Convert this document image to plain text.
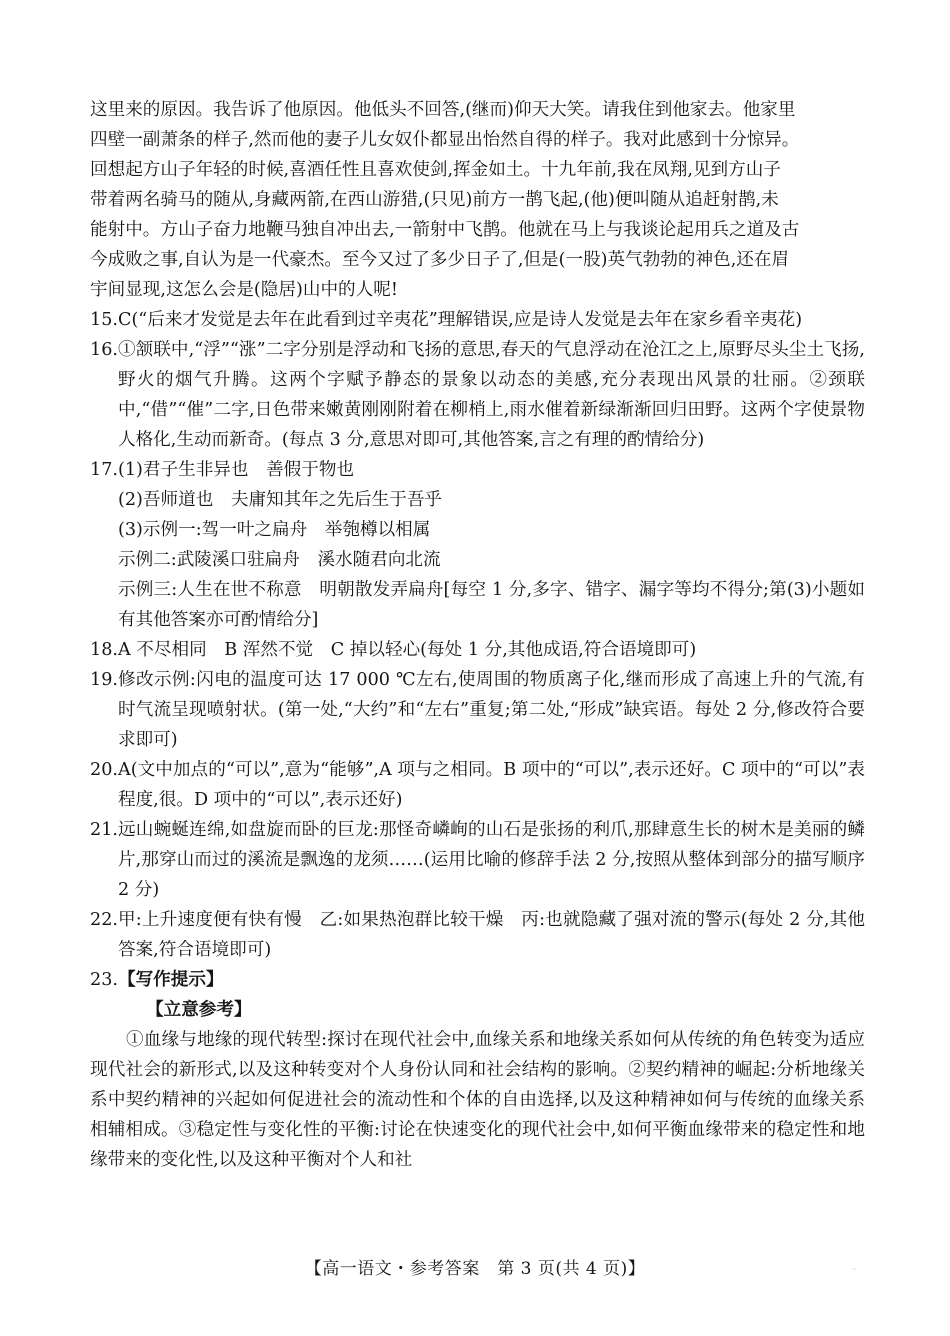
这里来的原因。我告诉了他原因。他低头不回答,(继而)仰天大笑。请我住到他家去。他家里
四壁一副萧条的样子,然而他的妻子儿女奴仆都显出怡然自得的样子。我对此感到十分惊异。
回想起方山子年轻的时候,喜酒任性且喜欢使剑,挥金如土。十九年前,我在凤翔,见到方山子
带着两名骑马的随从,身藏两箭,在西山游猎,(只见)前方一鹊飞起,(他)便叫随从追赶射鹊,未
能射中。方山子奋力地鞭马独自冲出去,一箭射中飞鹊。他就在马上与我谈论起用兵之道及古
今成败之事,自认为是一代豪杰。至今又过了多少日子了,但是(一股)英气勃勃的神色,还在眉
宇间显现,这怎么会是(隐居)山中的人呢!
15. C(“后来才发觉是去年在此看到过辛夷花”理解错误,应是诗人发觉是去年在家乡看辛夷花)
16. ①颔联中,“浮”“涨”二字分别是浮动和飞扬的意思,春天的气息浮动在沧江之上,原野尽头尘土飞扬,野火的烟气升腾。这两个字赋予静态的景象以动态的美感,充分表现出风景的壮丽。②颈联中,“借”“催”二字,日色带来嫩黄刚刚附着在柳梢上,雨水催着新绿渐渐回归田野。这两个字使景物人格化,生动而新奇。(每点 3 分,意思对即可,其他答案,言之有理的酌情给分)
17. (1)君子生非异也　善假于物也
(2)吾师道也　夫庸知其年之先后生于吾乎
(3)示例一:驾一叶之扁舟　举匏樽以相属
示例二:武陵溪口驻扁舟　溪水随君向北流
示例三:人生在世不称意　明朝散发弄扁舟[每空 1 分,多字、错字、漏字等均不得分;第(3)小题如有其他答案亦可酌情给分]
18. A 不尽相同　B 浑然不觉　C 掉以轻心(每处 1 分,其他成语,符合语境即可)
19. 修改示例:闪电的温度可达 17 000 ℃左右,使周围的物质离子化,继而形成了高速上升的气流,有时气流呈现喷射状。(第一处,“大约”和“左右”重复;第二处,“形成”缺宾语。每处 2 分,修改符合要求即可)
20. A(文中加点的“可以”,意为“能够”,A 项与之相同。B 项中的“可以”,表示还好。C 项中的“可以”表程度,很。D 项中的“可以”,表示还好)
21. 远山蜿蜒连绵,如盘旋而卧的巨龙:那怪奇嶙峋的山石是张扬的利爪,那肆意生长的树木是美丽的鳞片,那穿山而过的溪流是飘逸的龙须……(运用比喻的修辞手法 2 分,按照从整体到部分的描写顺序 2 分)
22. 甲:上升速度便有快有慢　乙:如果热泡群比较干燥　丙:也就隐藏了强对流的警示(每处 2 分,其他答案,符合语境即可)
23. 【写作提示】
【立意参考】
①血缘与地缘的现代转型:探讨在现代社会中,血缘关系和地缘关系如何从传统的角色转变为适应现代社会的新形式,以及这种转变对个人身份认同和社会结构的影响。②契约精神的崛起:分析地缘关系中契约精神的兴起如何促进社会的流动性和个体的自由选择,以及这种精神如何与传统的血缘关系相辅相成。③稳定性与变化性的平衡:讨论在快速变化的现代社会中,如何平衡血缘带来的稳定性和地缘带来的变化性,以及这种平衡对个人和社
【高一语文・参考答案　第 3 页(共 4 页)】	··
